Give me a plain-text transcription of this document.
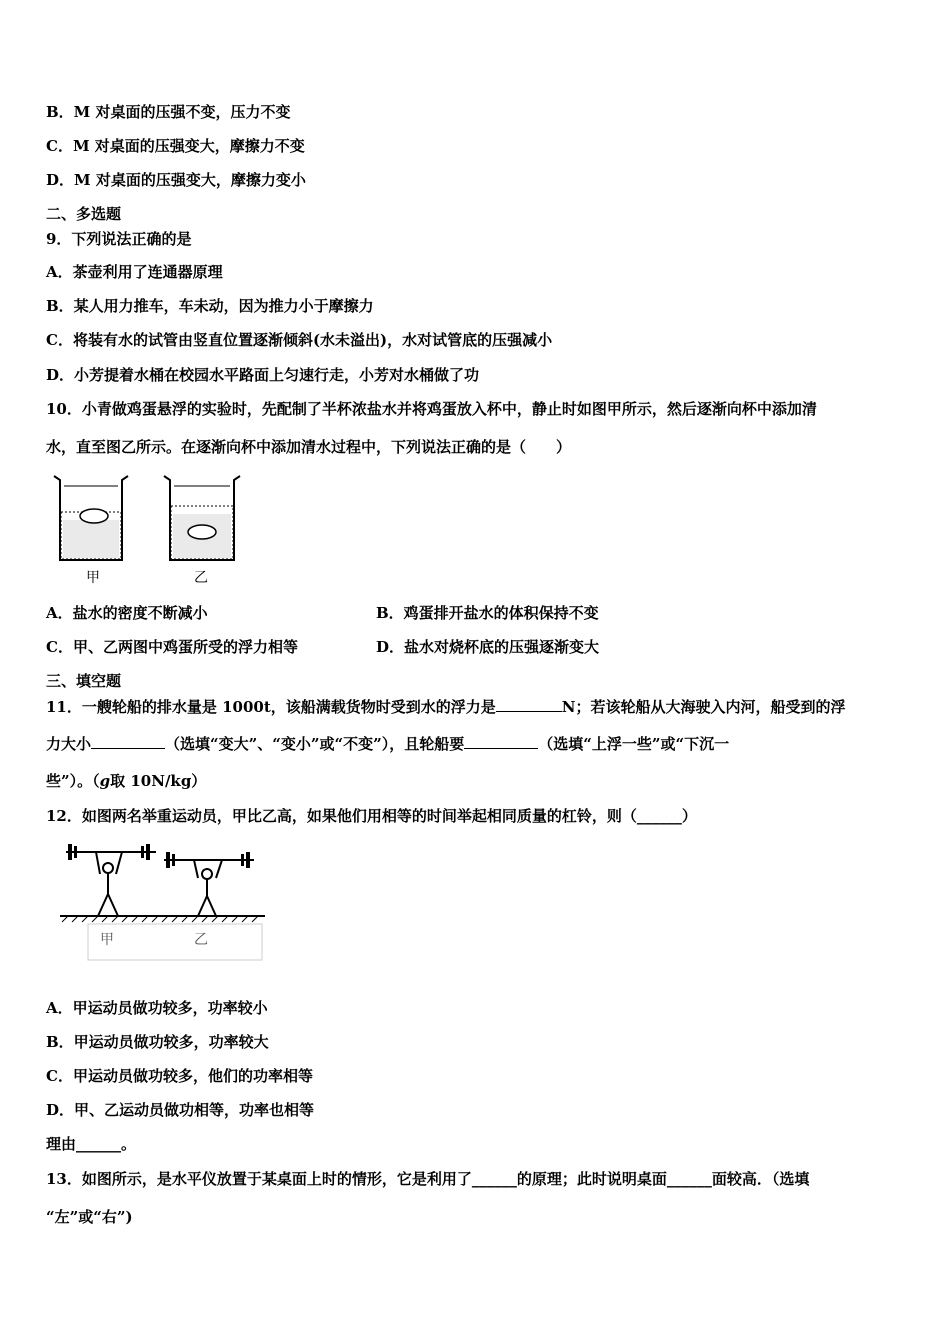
B．M 对桌面的压强不变，压力不变
C．M 对桌面的压强变大，摩擦力不变
D．M 对桌面的压强变大，摩擦力变小
二、多选题
9．下列说法正确的是
A．茶壶利用了连通器原理
B．某人用力推车，车未动，因为推力小于摩擦力
C．将装有水的试管由竖直位置逐渐倾斜(水未溢出)，水对试管底的压强减小
D．小芳提着水桶在校园水平路面上匀速行走，小芳对水桶做了功
10．小青做鸡蛋悬浮的实验时，先配制了半杯浓盐水并将鸡蛋放入杯中，静止时如图甲所示，然后逐渐向杯中添加清
水，直至图乙所示。在逐渐向杯中添加清水过程中，下列说法正确的是（　　）
甲	乙
A．盐水的密度不断减小	B．鸡蛋排开盐水的体积保持不变
C．甲、乙两图中鸡蛋所受的浮力相等	D．盐水对烧杯底的压强逐渐变大
三、填空题
11．一艘轮船的排水量是 1000t，该船满载货物时受到水的浮力是	N；若该轮船从大海驶入内河，船受到的浮
力大小	（选填“变大”、“变小”或“不变”），且轮船要	（选填“上浮一些”或“下沉一
些”）。（g取 10N/kg）
12．如图两名举重运动员，甲比乙高，如果他们用相等的时间举起相同质量的杠铃，则（______）
甲	乙
A．甲运动员做功较多，功率较小
B．甲运动员做功较多，功率较大
C．甲运动员做功较多，他们的功率相等
D．甲、乙运动员做功相等，功率也相等
理由______。
13．如图所示，是水平仪放置于某桌面上时的情形，它是利用了______的原理；此时说明桌面______面较高．（选填
“左”或“右”)
